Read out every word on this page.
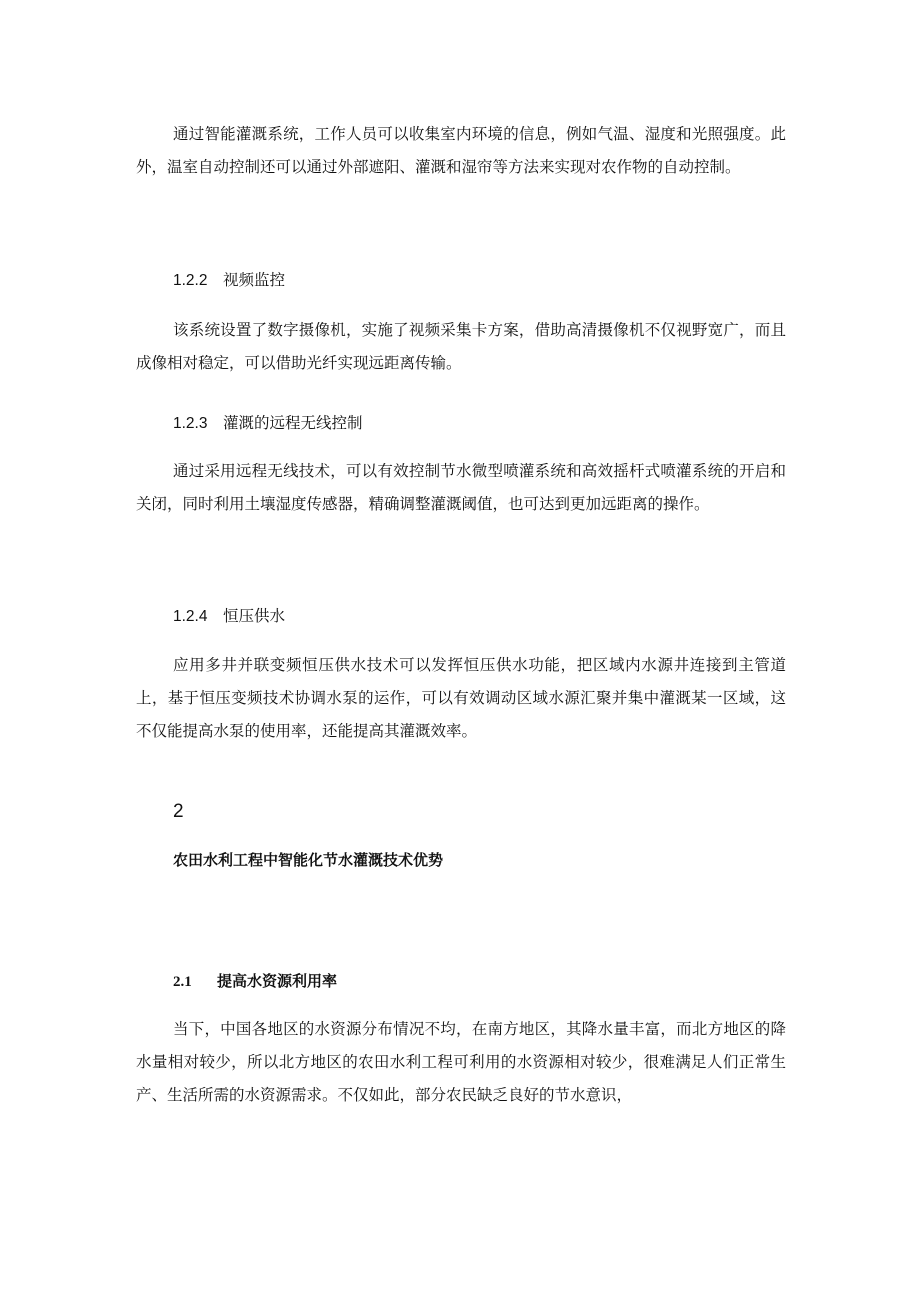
通过智能灌溉系统，工作人员可以收集室内环境的信息，例如气温、湿度和光照强度。此外，温室自动控制还可以通过外部遮阳、灌溉和湿帘等方法来实现对农作物的自动控制。

1.2.2 视频监控

该系统设置了数字摄像机，实施了视频采集卡方案，借助高清摄像机不仅视野宽广，而且成像相对稳定，可以借助光纤实现远距离传输。

1.2.3 灌溉的远程无线控制

通过采用远程无线技术，可以有效控制节水微型喷灌系统和高效摇杆式喷灌系统的开启和关闭，同时利用土壤湿度传感器，精确调整灌溉阈值，也可达到更加远距离的操作。

1.2.4 恒压供水

应用多井并联变频恒压供水技术可以发挥恒压供水功能，把区域内水源井连接到主管道上，基于恒压变频技术协调水泵的运作，可以有效调动区域水源汇聚并集中灌溉某一区域，这不仅能提高水泵的使用率，还能提高其灌溉效率。

2

农田水利工程中智能化节水灌溉技术优势

2.1 提高水资源利用率

当下，中国各地区的水资源分布情况不均，在南方地区，其降水量丰富，而北方地区的降水量相对较少，所以北方地区的农田水利工程可利用的水资源相对较少，很难满足人们正常生产、生活所需的水资源需求。不仅如此，部分农民缺乏良好的节水意识，
